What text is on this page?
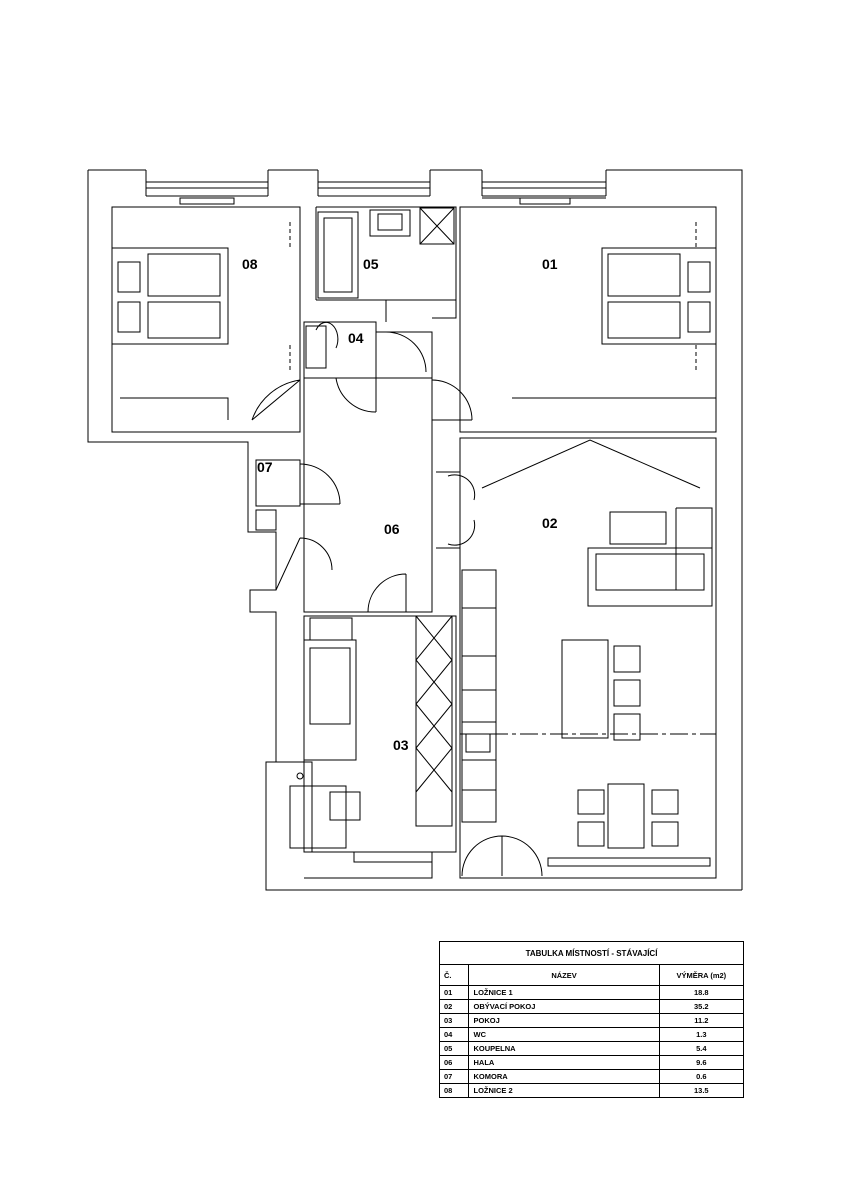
01
02
03
04
05
06
07
08
TABULKA MÍSTNOSTÍ - STÁVAJÍCÍ		
Č.	NÁZEV	VÝMĚRA (m2)
01	LOŽNICE 1	18.8
02	OBÝVACÍ POKOJ	35.2
03	POKOJ	11.2
04	WC	1.3
05	KOUPELNA	5.4
06	HALA	9.6
07	KOMORA	0.6
08	LOŽNICE 2	13.5
